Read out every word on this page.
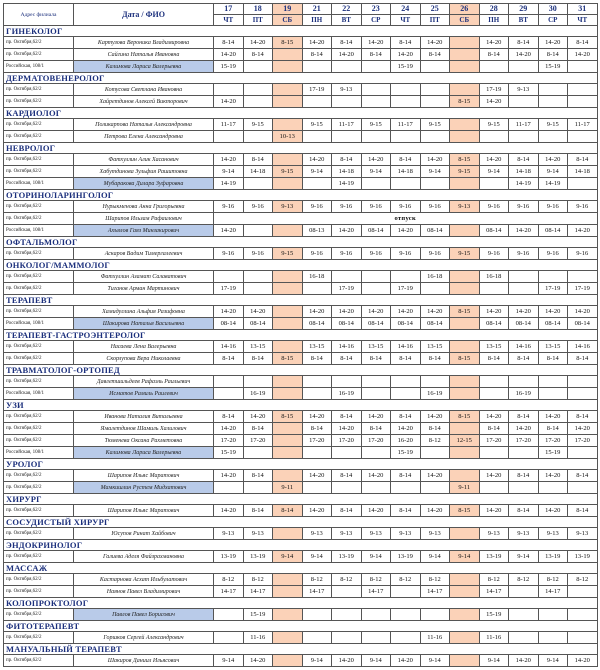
Адрес филиала	Дата / ФИО	17	18	19	21	22	23	24	25	26	28	29	30	31
		ЧТ	ПТ	СБ	ПН	ВТ	СР	ЧТ	ПТ	СБ	ПН	ВТ	СР	ЧТ
ГИНЕКОЛОГ														
пр. Октября,62/2	Картузова Вероника Владимировна	8-14	14-20	8-15	14-20	8-14	14-20	8-14	14-20		14-20	8-14	14-20	8-14
пр. Октября,62/2	Сайгина Наталья Ивановна	14-20	8-14		8-14	14-20	8-14	14-20	8-14		8-14	14-20	8-14	14-20
Российская, 108/1	Калимова Лариса Валерьевна	15-19						15-19					15-19	
ДЕРМАТОВЕНЕРОЛОГ														
пр. Октября,62/2	Котусова Светлана Ивановна				17-19	9-13					17-19	9-13		
пр. Октября,62/2	Хайретдинов Алексей Викторович	14-20								8-15	14-20			
КАРДИОЛОГ														
пр. Октября,62/2	Поликарпова Наталья Александровна	11-17	9-15		9-15	11-17	9-15	11-17	9-15		9-15	11-17	9-15	11-17
пр. Октября,62/2	Петрова Елена Александровна			10-13										
НЕВРОЛОГ														
пр. Октября,62/2	Фатхуллин Алик Хасанович	14-20	8-14		14-20	8-14	14-20	8-14	14-20	8-15	14-20	8-14	14-20	8-14
пр. Октября,62/2	Хабутдинова Зульфия Рашитовна	9-14	14-18	9-15	9-14	14-18	9-14	14-18	9-14	9-15	9-14	14-18	9-14	14-18
Российская, 108/1	Мубаракова Дилара Зуфаровна	14-19				14-19						14-19	14-19	
ОТОРИНОЛАРИНГОЛОГ														
пр. Октября,62/2	Нурыкменова Анна Григорьевна	9-16	9-16	9-13	9-16	9-16	9-16	9-16	9-16	9-13	9-16	9-16	9-16	9-16
пр. Октября,62/2	Шарипов Ильзам Рафаилович	отпуск												
Российская, 108/1	Ахъялов Гаяз Минзакирович	14-20			08-13	14-20	08-14	14-20	08-14		08-14	14-20	08-14	14-20
ОФТАЛЬМОЛОГ														
пр. Октября,62/2	Аскаров Вадим Тимергалеевич	9-16	9-16	9-15	9-16	9-16	9-16	9-16	9-16	9-15	9-16	9-16	9-16	9-16
ОНКОЛОГ/МАММОЛОГ														
пр. Октября,62/2	Фатхуллин Азамат Салаватович				16-18				16-18		16-18			
пр. Октября,62/2	Тиганов Арман Мартинович	17-19				17-19		17-19					17-19	17-19
ТЕРАПЕВТ														
пр. Октября,62/2	Хамидуллина Альфия Разифовна	14-20	14-20		14-20	14-20	14-20	14-20	14-20	8-15	14-20	14-20	14-20	14-20
Российская, 108/1	Шакирова Наталья Васильевна	08-14	08-14		08-14	08-14	08-14	08-14	08-14		08-14	08-14	08-14	08-14
ТЕРАПЕВТ-ГАСТРОЭНТЕРОЛОГ														
пр. Октября,62/2	Насаева Лена Валерьевна	14-16	13-15		13-15	14-16	13-15	14-16	13-15		13-15	14-16	13-15	14-16
пр. Октября,62/2	Скорлупова Вера Николаевна	8-14	8-14	8-15	8-14	8-14	8-14	8-14	8-14	8-15	8-14	8-14	8-14	8-14
ТРАВМАТОЛОГ-ОРТОПЕД														
пр. Октября,62/2	Давлетшильдеев Рафаэль Раильевич													
Российская, 108/1	Исматов Рамиль Раилевич		16-19			16-19			16-19			16-19		
УЗИ														
пр. Октября,62/2	Иванова Наталия Витальевна	8-14	14-20	8-15	14-20	8-14	14-20	8-14	14-20	8-15	14-20	8-14	14-20	8-14
пр. Октября,62/2	Ямалетдинов Шамиль Халилович	14-20	8-14		8-14	14-20	8-14	14-20	8-14		8-14	14-20	8-14	14-20
пр. Октября,62/2	Тюменева Оксана Рахметовна	17-20	17-20		17-20	17-20	17-20	16-20	8-12	12-15	17-20	17-20	17-20	17-20
Российская, 108/1	Калимова Лариса Валерьевна	15-19						15-19					15-19	
УРОЛОГ														
пр. Октября,62/2	Шарипов Ильяс Маратович	14-20	8-14		14-20	8-14	14-20	8-14	14-20		14-20	8-14	14-20	8-14
пр. Октября,62/2	Мамкишлин Рустем Мидхатович			9-11						9-11				
ХИРУРГ														
пр. Октября,62/2	Шарипов Ильяс Маратович	14-20	8-14	8-14	14-20	8-14	14-20	8-14	14-20	8-15	14-20	8-14	14-20	8-14
СОСУДИСТЫЙ ХИРУРГ														
пр. Октября,62/2	Юсупов Ринат Хайбович	9-13	9-13		9-13	9-13	9-13	9-13	9-13		9-13	9-13	9-13	9-13
ЭНДОКРИНОЛОГ														
пр. Октября,62/2	Галиева Аделя Файзрахмановна	13-19	13-19	9-14	9-14	13-19	9-14	13-19	9-14	9-14	13-19	9-14	13-19	13-19
МАССАЖ														
пр. Октября,62/2	Кастарнова Асхат Ильбулатович	8-12	8-12		8-12	8-12	8-12	8-12	8-12		8-12	8-12	8-12	8-12
пр. Октября,62/2	Наянов Павел Владимирович	14-17	14-17		14-17		14-17		14-17		14-17		14-17	
КОЛОПРОКТОЛОГ														
пр. Октября,62/2	Павлов Павел Борисович		15-19								15-19			
ФИТОТЕРАПЕВТ														
пр. Октября,62/2	Горшков Сергей Александрович		11-16						11-16		11-16			
МАНУАЛЬНЫЙ ТЕРАПЕВТ														
пр. Октября,62/2	Шакиров Даниил Ильясович	9-14	14-20		9-14	14-20	9-14	14-20	9-14		9-14	14-20	9-14	14-20
